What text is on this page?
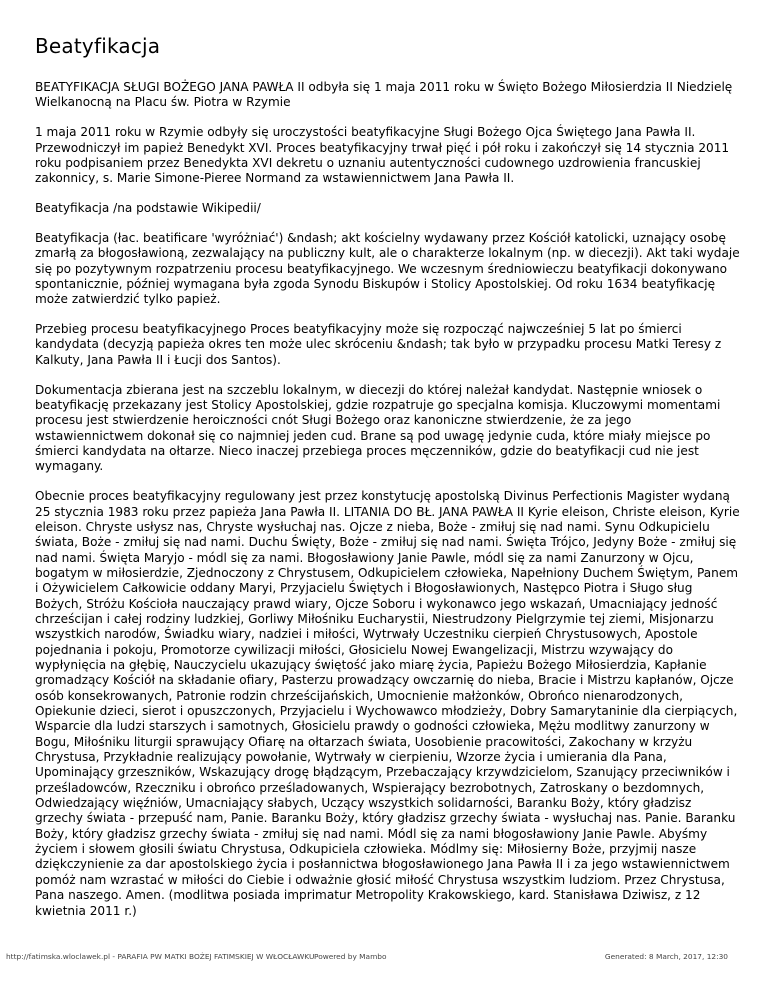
Beatyfikacja

BEATYFIKACJA SŁUGI BOŻEGO JANA PAWŁA II odbyła się 1 maja 2011 roku w Święto Bożego Miłosierdzia II Niedzielę Wielkanocną na Placu św. Piotra w Rzymie

1 maja 2011 roku w Rzymie odbyły się uroczystości beatyfikacyjne Sługi Bożego Ojca Świętego Jana Pawła II. Przewodniczył im papież Benedykt XVI. Proces beatyfikacyjny trwał pięć i pół roku i zakończył się 14 stycznia 2011 roku podpisaniem przez Benedykta XVI dekretu o uznaniu autentyczności cudownego uzdrowienia francuskiej zakonnicy, s. Marie Simone-Pieree Normand za wstawiennictwem Jana Pawła II.

Beatyfikacja /na podstawie Wikipedii/

Beatyfikacja (łac. beatificare 'wyróżniać') &ndash; akt kościelny wydawany przez Kościół katolicki, uznający osobę zmarłą za błogosławioną, zezwalający na publiczny kult, ale o charakterze lokalnym (np. w diecezji). Akt taki wydaje się po pozytywnym rozpatrzeniu procesu beatyfikacyjnego. We wczesnym średniowieczu beatyfikacji dokonywano spontanicznie, później wymagana była zgoda Synodu Biskupów i Stolicy Apostolskiej. Od roku 1634 beatyfikację może zatwierdzić tylko papież.

Przebieg procesu beatyfikacyjnego Proces beatyfikacyjny może się rozpocząć najwcześniej 5 lat po śmierci kandydata (decyzją papieża okres ten może ulec skróceniu &ndash; tak było w przypadku procesu Matki Teresy z Kalkuty, Jana Pawła II i Łucji dos Santos).

Dokumentacja zbierana jest na szczeblu lokalnym, w diecezji do której należał kandydat. Następnie wniosek o beatyfikację przekazany jest Stolicy Apostolskiej, gdzie rozpatruje go specjalna komisja. Kluczowymi momentami procesu jest stwierdzenie heroiczności cnót Sługi Bożego oraz kanoniczne stwierdzenie, że za jego wstawiennictwem dokonał się co najmniej jeden cud. Brane są pod uwagę jedynie cuda, które miały miejsce po śmierci kandydata na ołtarze. Nieco inaczej przebiega proces męczenników, gdzie do beatyfikacji cud nie jest wymagany.

Obecnie proces beatyfikacyjny regulowany jest przez konstytucję apostolską Divinus Perfectionis Magister wydaną 25 stycznia 1983 roku przez papieża Jana Pawła II. LITANIA DO BŁ. JANA PAWŁA II Kyrie eleison, Christe eleison, Kyrie eleison. Chryste usłysz nas, Chryste wysłuchaj nas. Ojcze z nieba, Boże - zmiłuj się nad nami. Synu Odkupicielu świata, Boże - zmiłuj się nad nami. Duchu Święty, Boże - zmiłuj się nad nami. Święta Trójco, Jedyny Boże - zmiłuj się nad nami. Święta Maryjo - módl się za nami. Błogosławiony Janie Pawle, módl się za nami Zanurzony w Ojcu, bogatym w miłosierdzie, Zjednoczony z Chrystusem, Odkupicielem człowieka, Napełniony Duchem Świętym, Panem i Ożywicielem Całkowicie oddany Maryi, Przyjacielu Świętych i Błogosławionych, Następco Piotra i Sługo sług Bożych, Stróżu Kościoła nauczający prawd wiary, Ojcze Soboru i wykonawco jego wskazań, Umacniający jedność chrześcijan i całej rodziny ludzkiej, Gorliwy Miłośniku Eucharystii, Niestrudzony Pielgrzymie tej ziemi, Misjonarzu wszystkich narodów, Świadku wiary, nadziei i miłości, Wytrwały Uczestniku cierpień Chrystusowych, Apostole pojednania i pokoju, Promotorze cywilizacji miłości, Głosicielu Nowej Ewangelizacji, Mistrzu wzywający do wypłynięcia na głębię, Nauczycielu ukazujący świętość jako miarę życia, Papieżu Bożego Miłosierdzia, Kapłanie gromadzący Kościół na składanie ofiary, Pasterzu prowadzący owczarnię do nieba, Bracie i Mistrzu kapłanów, Ojcze osób konsekrowanych, Patronie rodzin chrześcijańskich, Umocnienie małżonków, Obrońco nienarodzonych, Opiekunie dzieci, sierot i opuszczonych, Przyjacielu i Wychowawco młodzieży, Dobry Samarytaninie dla cierpiących, Wsparcie dla ludzi starszych i samotnych, Głosicielu prawdy o godności człowieka, Mężu modlitwy zanurzony w Bogu, Miłośniku liturgii sprawujący Ofiarę na ołtarzach świata, Uosobienie pracowitości, Zakochany w krzyżu Chrystusa, Przykładnie realizujący powołanie, Wytrwały w cierpieniu, Wzorze życia i umierania dla Pana, Upominający grzeszników, Wskazujący drogę błądzącym, Przebaczający krzywdzicielom, Szanujący przeciwników i prześladowców, Rzeczniku i obrońco prześladowanych, Wspierający bezrobotnych, Zatroskany o bezdomnych, Odwiedzający więźniów, Umacniający słabych, Uczący wszystkich solidarności, Baranku Boży, który gładzisz grzechy świata - przepuść nam, Panie. Baranku Boży, który gładzisz grzechy świata - wysłuchaj nas. Panie. Baranku Boży, który gładzisz grzechy świata - zmiłuj się nad nami. Módl się za nami błogosławiony Janie Pawle. Abyśmy życiem i słowem głosili światu Chrystusa, Odkupiciela człowieka. Módlmy się: Miłosierny Boże, przyjmij nasze dziękczynienie za dar apostolskiego życia i posłannictwa błogosławionego Jana Pawła II i za jego wstawiennictwem pomóż nam wzrastać w miłości do Ciebie i odważnie głosić miłość Chrystusa wszystkim ludziom. Przez Chrystusa, Pana naszego. Amen. (modlitwa posiada imprimatur Metropolity Krakowskiego, kard. Stanisława Dziwisz, z 12 kwietnia 2011 r.)

http://fatimska.wloclawek.pl - PARAFIA PW MATKI BOŻEJ FATIMSKIEJ W WŁOCŁAWKU Powered by Mambo	Generated: 8 March, 2017, 12:30
